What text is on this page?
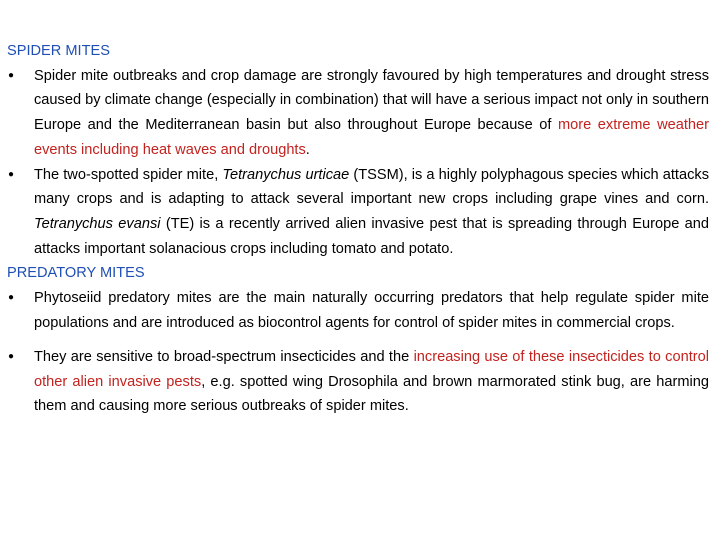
SPIDER MITES
●	Spider mite outbreaks and crop damage are strongly favoured by high temperatures and drought stress caused by climate change (especially in combination) that will have a serious impact not only in southern Europe and the Mediterranean basin but also throughout Europe because of more extreme weather events including heat waves and droughts.
●	The two-spotted spider mite, Tetranychus urticae (TSSM), is a highly polyphagous species which attacks many crops and is adapting to attack several important new crops including grape vines and corn. Tetranychus evansi (TE) is a recently arrived alien invasive pest that is spreading through Europe and attacks important solanacious crops including tomato and potato.
PREDATORY MITES
●	Phytoseiid predatory mites are the main naturally occurring predators that help regulate spider mite populations and are introduced as biocontrol agents for control of spider mites in commercial crops.
●	They are sensitive to broad-spectrum insecticides and the increasing use of these insecticides to control other alien invasive pests, e.g. spotted wing Drosophila and brown marmorated stink bug, are harming them and causing more serious outbreaks of spider mites.
